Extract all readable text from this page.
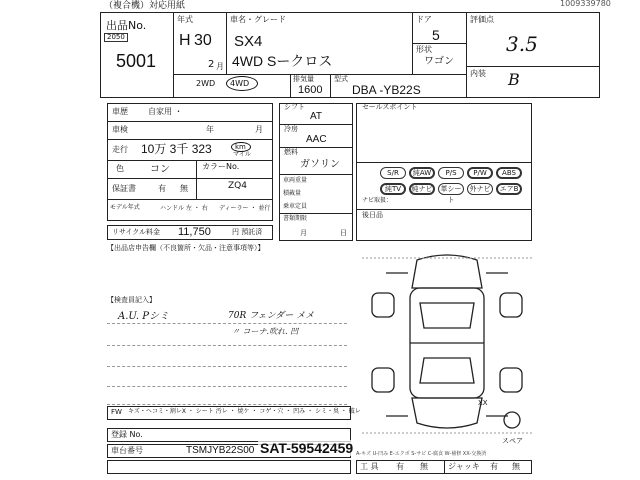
（複合機）対応用紙	1009339780
出品No.
2050
5001
年式
H 30
2 月
車名・グレード
SX4
4WD Sークロス
ドア
5
形状
ワゴン
評価点
3.5
内装 B
2WD 4WD	排気量
1600
型式
DBA -YB22S
車歴	自家用 ・
車検	年	月
走行 10万 3千 323	km
マイル
色	コン	カラーNo.
ZQ4
保証書	有 無
モデル年式	ハンドル 左 ・ 右 ディーラー ・ 並行
リサイクル料金 11,750	円 預託済
【出品店申告欄（不良箇所・欠品・注意事項等）】
シフト
AT
冷房
AAC
燃料
ガソリン
車両重量
積載量
乗車定員
書類期限
月	日
セールスポイント
S/R	純AW	P/S	P/W	ABS
純TV	純ナビ	革シート
外ナビ	エアB
ナビ取扱：
後日品
【検査員記入】
A.U. Pシミ	70R フェンダー メメ
〃 コーナ.吹れ. 凹
XX
スペア
FW キズ・ヘコミ・割レX ・ シート 汚レ ・ 焼ケ ・ コゲ・穴 ・ 凹み ・ シミ・臭 ・ 破レ
登録 No.
車台番号	TSMJYB22S00	A-キズ U-凹み E-エクボ S-サビ C-腐食 W-補修 XX-交換済
工 具 有 無	ジャッキ 有 無
SAT-59542459
